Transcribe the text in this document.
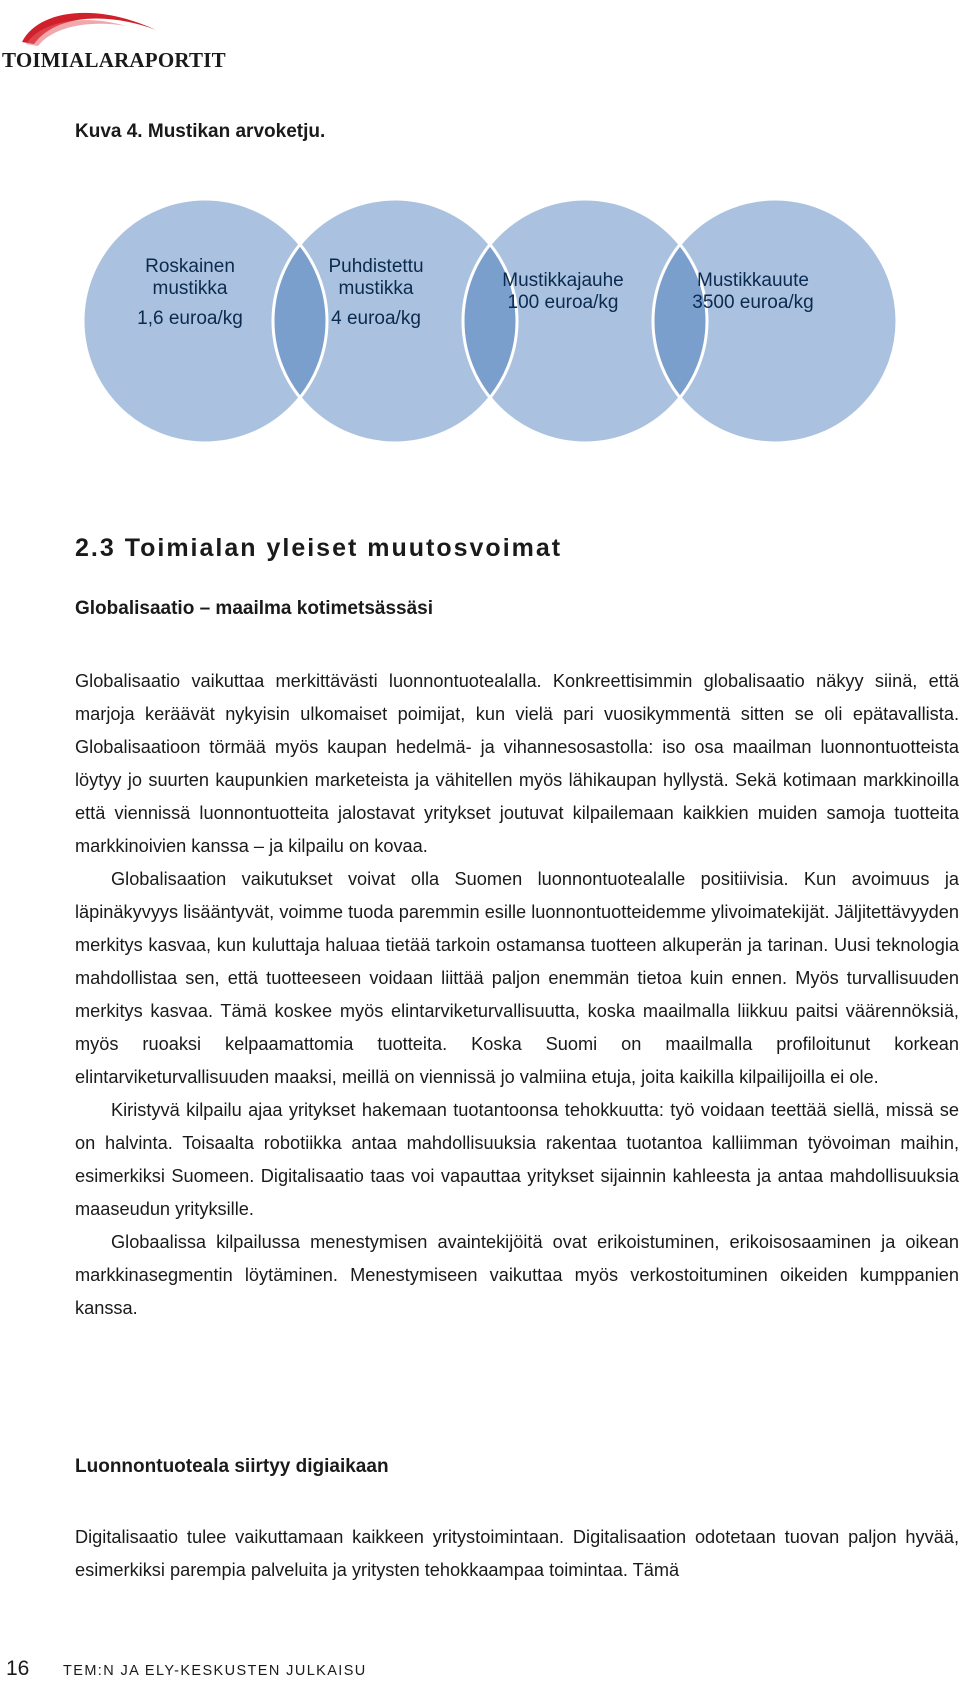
TOIMIALARAPORTIT
Kuva 4. Mustikan arvoketju.
Roskainen
mustikka
1,6 euroa/kg
Puhdistettu
mustikka
4 euroa/kg
Mustikkajauhe
100 euroa/kg
Mustikkauute
3500 euroa/kg
2.3 Toimialan yleiset muutosvoimat
Globalisaatio – maailma kotimetsässäsi

Globalisaatio vaikuttaa merkittävästi luonnontuotealalla. Konkreettisimmin globalisaatio näkyy siinä, että marjoja keräävät nykyisin ulkomaiset poimijat, kun vielä pari vuosikymmentä sitten se oli epätavallista. Globalisaatioon törmää myös kaupan hedelmä- ja vihannesosastolla: iso osa maailman luonnontuotteista löytyy jo suurten kaupunkien marketeista ja vähitellen myös lähikaupan hyllystä. Sekä kotimaan markkinoilla että viennissä luonnontuotteita jalostavat yritykset joutuvat kilpailemaan kaikkien muiden samoja tuotteita markkinoivien kanssa – ja kilpailu on kovaa.

Globalisaation vaikutukset voivat olla Suomen luonnontuotealalle positiivisia. Kun avoimuus ja läpinäkyvyys lisääntyvät, voimme tuoda paremmin esille luonnontuotteidemme ylivoimatekijät. Jäljitettävyyden merkitys kasvaa, kun kuluttaja haluaa tietää tarkoin ostamansa tuotteen alkuperän ja tarinan. Uusi teknologia mahdollistaa sen, että tuotteeseen voidaan liittää paljon enemmän tietoa kuin ennen. Myös turvallisuuden merkitys kasvaa. Tämä koskee myös elintarviketurvallisuutta, koska maailmalla liikkuu paitsi väärennöksiä, myös ruoaksi kelpaamattomia tuotteita. Koska Suomi on maailmalla profiloitunut korkean elintarviketurvallisuuden maaksi, meillä on viennissä jo valmiina etuja, joita kaikilla kilpailijoilla ei ole.

Kiristyvä kilpailu ajaa yritykset hakemaan tuotantoonsa tehokkuutta: työ voidaan teettää siellä, missä se on halvinta. Toisaalta robotiikka antaa mahdollisuuksia rakentaa tuotantoa kalliimman työvoiman maihin, esimerkiksi Suomeen. Digitalisaatio taas voi vapauttaa yritykset sijainnin kahleesta ja antaa mahdollisuuksia maaseudun yrityksille.

Globaalissa kilpailussa menestymisen avaintekijöitä ovat erikoistuminen, erikoisosaaminen ja oikean markkinasegmentin löytäminen. Menestymiseen vaikuttaa myös verkostoituminen oikeiden kumppanien kanssa.

Luonnontuoteala siirtyy digiaikaan

Digitalisaatio tulee vaikuttamaan kaikkeen yritystoimintaan. Digitalisaation odotetaan tuovan paljon hyvää, esimerkiksi parempia palveluita ja yritysten tehokkaampaa toimintaa. Tämä

16 TEM:N JA ELY-KESKUSTEN JULKAISU
